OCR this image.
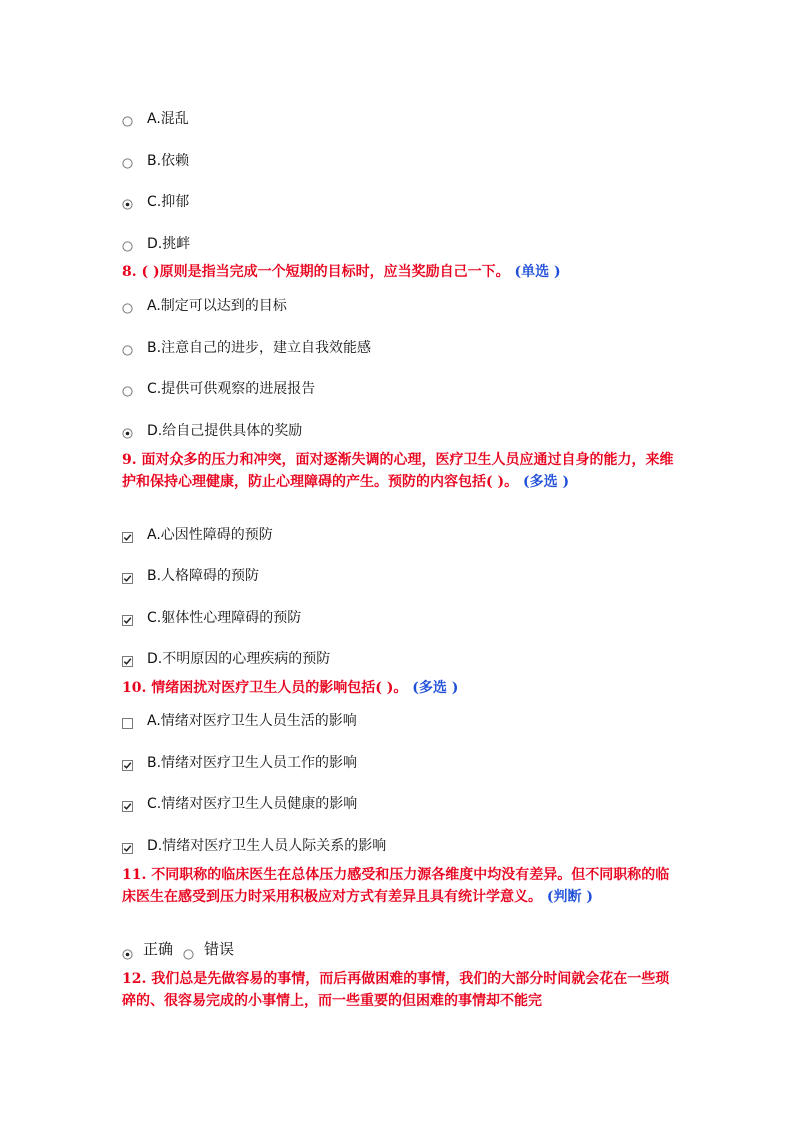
A.混乱
B.依赖
C.抑郁
D.挑衅
8. ( )原则是指当完成一个短期的目标时，应当奖励自己一下。 (单选 )
A.制定可以达到的目标
B.注意自己的进步，建立自我效能感
C.提供可供观察的进展报告
D.给自己提供具体的奖励
9. 面对众多的压力和冲突，面对逐渐失调的心理，医疗卫生人员应通过自身的能力，来维护和保持心理健康，防止心理障碍的产生。预防的内容包括( )。 (多选 )
A.心因性障碍的预防
B.人格障碍的预防
C.躯体性心理障碍的预防
D.不明原因的心理疾病的预防
10. 情绪困扰对医疗卫生人员的影响包括( )。 (多选 )
A.情绪对医疗卫生人员生活的影响
B.情绪对医疗卫生人员工作的影响
C.情绪对医疗卫生人员健康的影响
D.情绪对医疗卫生人员人际关系的影响
11. 不同职称的临床医生在总体压力感受和压力源各维度中均没有差异。但不同职称的临床医生在感受到压力时采用积极应对方式有差异且具有统计学意义。 (判断 )
正确 错误
12. 我们总是先做容易的事情，而后再做困难的事情，我们的大部分时间就会花在一些琐碎的、很容易完成的小事情上，而一些重要的但困难的事情却不能完
